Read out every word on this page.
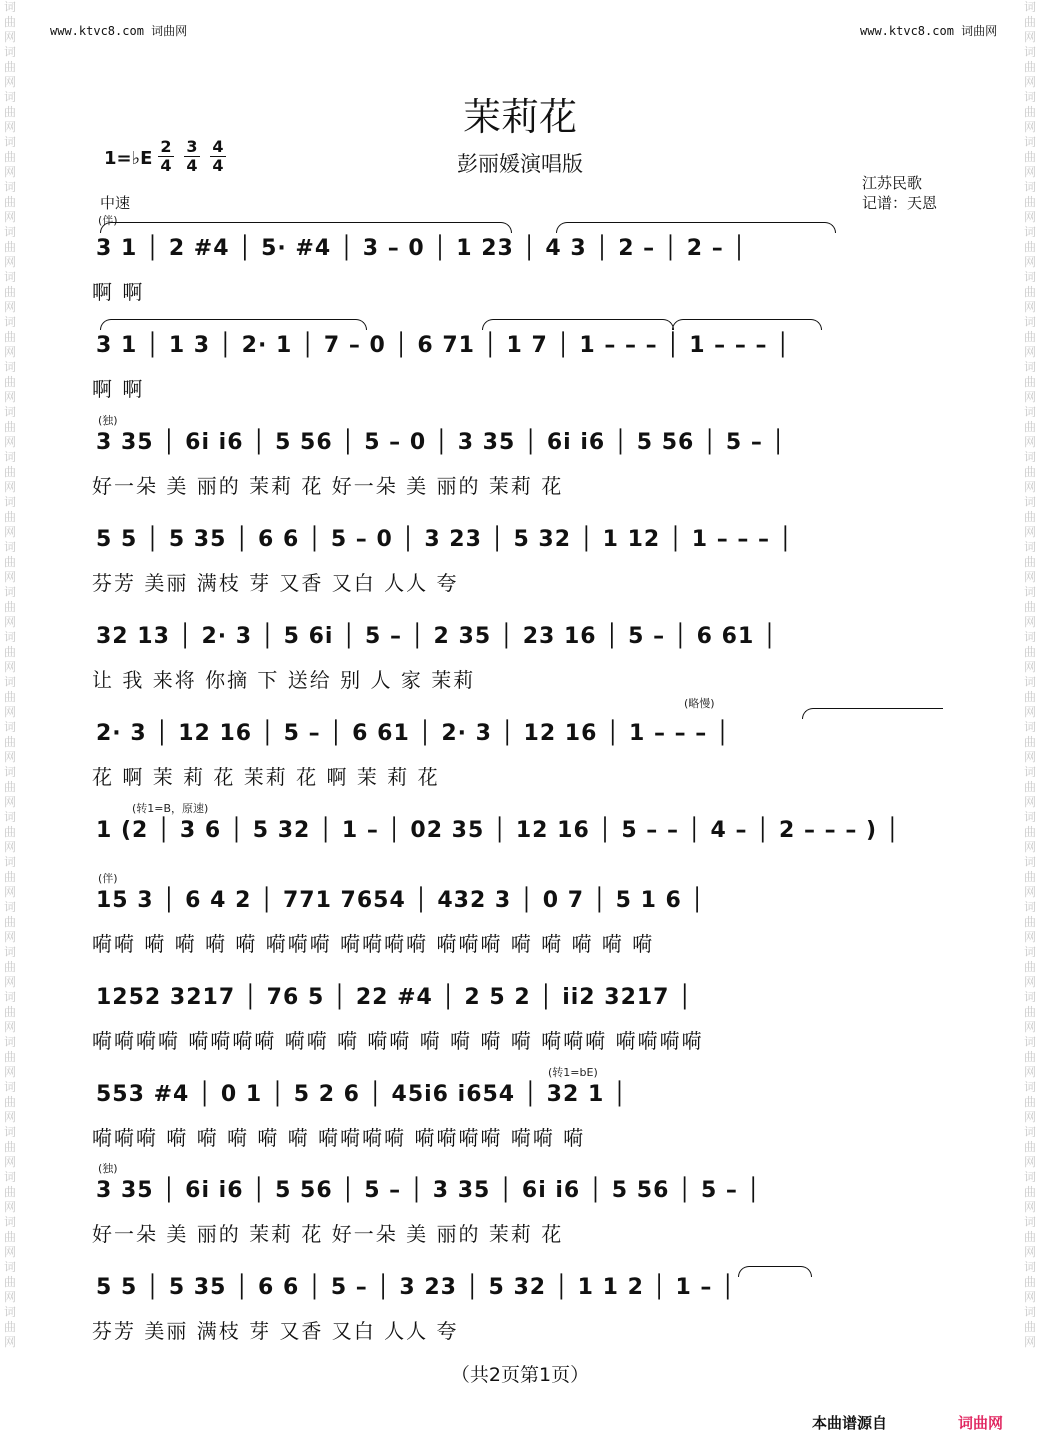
www.ktvc8.com 词曲网	www.ktvc8.com 词曲网
词曲网词曲网词曲网词曲网词曲网词曲网词曲网词曲网词曲网词曲网词曲网词曲网词曲网词曲网词曲网词曲网词曲网词曲网词曲网词曲网词曲网词曲网词曲网词曲网词曲网词曲网词曲网词曲网词曲网词曲网
词曲网词曲网词曲网词曲网词曲网词曲网词曲网词曲网词曲网词曲网词曲网词曲网词曲网词曲网词曲网词曲网词曲网词曲网词曲网词曲网词曲网词曲网词曲网词曲网词曲网词曲网词曲网词曲网词曲网词曲网
茉莉花
彭丽媛演唱版
1=♭E
2
4
3
4
4
4
江苏民歌
记谱：天恩
中速
(伴)
3 1 │ 2 #4 │ 5· #4 │ 3 – 0 │ 1 23 │ 4 3 │ 2 – │ 2 – │
啊 啊
3 1 │ 1 3 │ 2· 1 │ 7 – 0 │ 6 71 │ 1 7 │ 1 – – – │ 1 – – – │
啊 啊
(独)
3 35 │ 6i i6 │ 5 56 │ 5 – 0 │ 3 35 │ 6i i6 │ 5 56 │ 5 – │
好一朵 美 丽的 茉莉 花 好一朵 美 丽的 茉莉 花
5 5 │ 5 35 │ 6 6 │ 5 – 0 │ 3 23 │ 5 32 │ 1 12 │ 1 – – – │
芬芳 美丽 满枝 芽 又香 又白 人人 夸
32 13 │ 2· 3 │ 5 6i │ 5 – │ 2 35 │ 23 16 │ 5 – │ 6 61 │
让 我 来将 你摘 下 送给 别 人 家 茉莉
(略慢)
2· 3 │ 12 16 │ 5 – │ 6 61 │ 2· 3 │ 12 16 │ 1 – – – │
花 啊 茉 莉 花 茉莉 花 啊 茉 莉 花
(转1=B，原速)
1 (2 │ 3 6 │ 5 32 │ 1 – │ 02 35 │ 12 16 │ 5 – – │ 4 – │ 2 – – – ) │
(伴)
15 3 │ 6 4 2 │ 771 7654 │ 432 3 │ 0 7 │ 5 1 6 │
嗬嗬 嗬 嗬 嗬 嗬 嗬嗬嗬 嗬嗬嗬嗬 嗬嗬嗬 嗬 嗬 嗬 嗬 嗬
1252 3217 │ 76 5 │ 22 #4 │ 2 5 2 │ ii2 3217 │
嗬嗬嗬嗬 嗬嗬嗬嗬 嗬嗬 嗬 嗬嗬 嗬 嗬 嗬 嗬 嗬嗬嗬 嗬嗬嗬嗬
(转1=bE)
553 #4 │ 0 1 │ 5 2 6 │ 45i6 i654 │ 32 1 │
嗬嗬嗬 嗬 嗬 嗬 嗬 嗬 嗬嗬嗬嗬 嗬嗬嗬嗬 嗬嗬 嗬
(独)
3 35 │ 6i i6 │ 5 56 │ 5 – │ 3 35 │ 6i i6 │ 5 56 │ 5 – │
好一朵 美 丽的 茉莉 花 好一朵 美 丽的 茉莉 花
5 5 │ 5 35 │ 6 6 │ 5 – │ 3 23 │ 5 32 │ 1 1 2 │ 1 – │
芬芳 美丽 满枝 芽 又香 又白 人人 夸
（共2页第1页）
本曲谱源自	词曲网
